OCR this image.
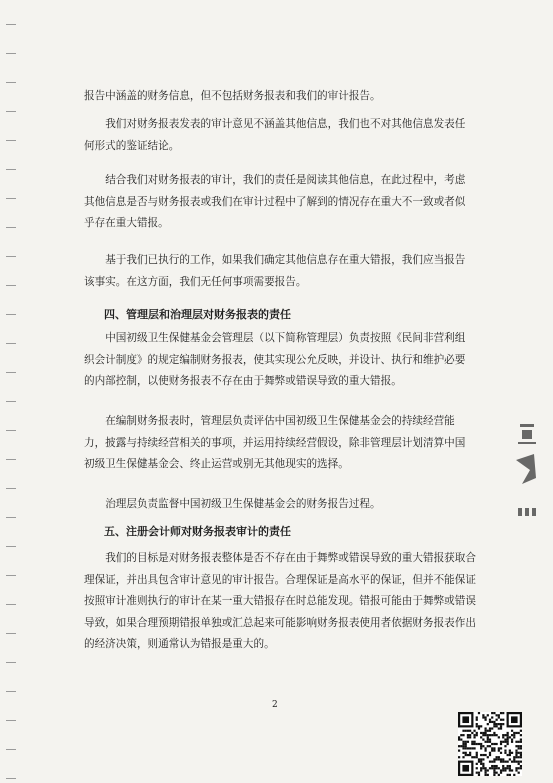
报告中涵盖的财务信息，但不包括财务报表和我们的审计报告。
我们对财务报表发表的审计意见不涵盖其他信息，我们也不对其他信息发表任何形式的鉴证结论。
结合我们对财务报表的审计，我们的责任是阅读其他信息，在此过程中，考虑其他信息是否与财务报表或我们在审计过程中了解到的情况存在重大不一致或者似乎存在重大错报。
基于我们已执行的工作，如果我们确定其他信息存在重大错报，我们应当报告该事实。在这方面，我们无任何事项需要报告。
四、管理层和治理层对财务报表的责任
中国初级卫生保健基金会管理层（以下简称管理层）负责按照《民间非营利组织会计制度》的规定编制财务报表，使其实现公允反映，并设计、执行和维护必要的内部控制，以使财务报表不存在由于舞弊或错误导致的重大错报。
在编制财务报表时，管理层负责评估中国初级卫生保健基金会的持续经营能力，披露与持续经营相关的事项，并运用持续经营假设，除非管理层计划清算中国初级卫生保健基金会、终止运营或别无其他现实的选择。
治理层负责监督中国初级卫生保健基金会的财务报告过程。
五、注册会计师对财务报表审计的责任
我们的目标是对财务报表整体是否不存在由于舞弊或错误导致的重大错报获取合理保证，并出具包含审计意见的审计报告。合理保证是高水平的保证，但并不能保证按照审计准则执行的审计在某一重大错报存在时总能发现。错报可能由于舞弊或错误导致，如果合理预期错报单独或汇总起来可能影响财务报表使用者依据财务报表作出的经济决策，则通常认为错报是重大的。
2
